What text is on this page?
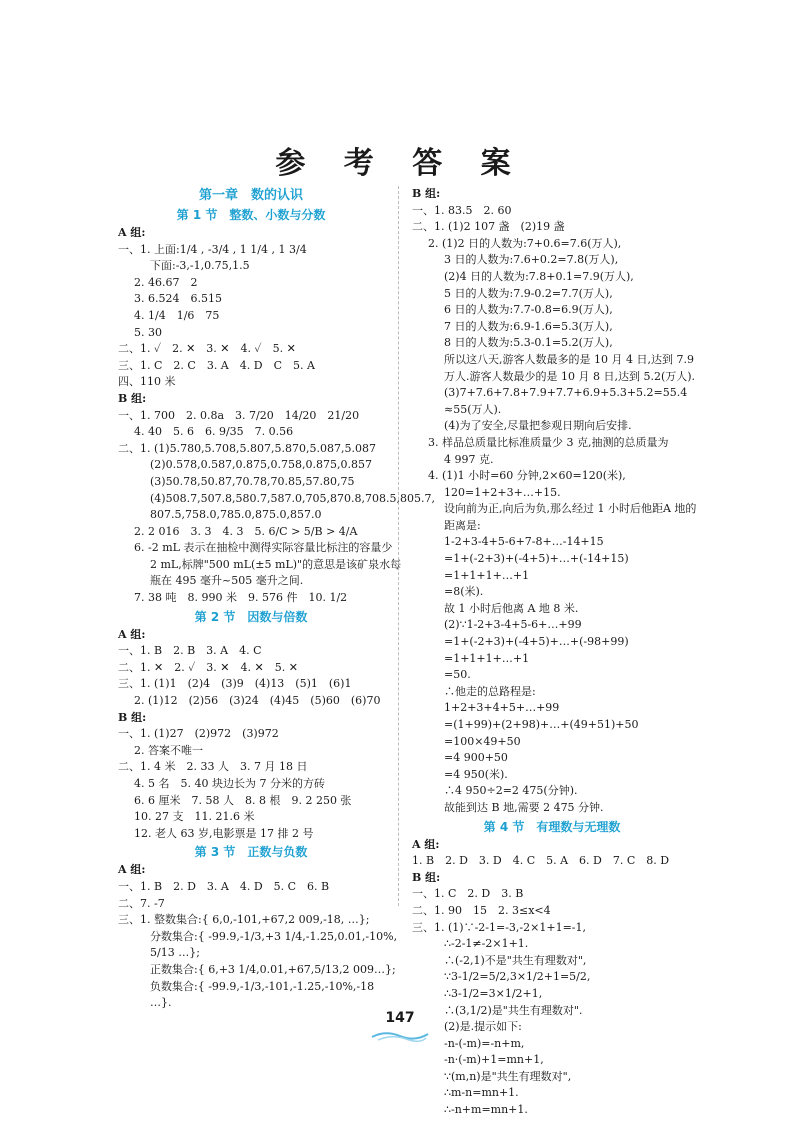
参 考 答 案
第一章　数的认识
第 1 节　整数、小数与分数
A 组:
一、1. 上面:1/4 , -3/4 , 1 1/4 , 1 3/4
下面:-3,-1,0.75,1.5
2. 46.67　2
3. 6.524　6.515
4. 1/4　1/6　75
5. 30
二、1. ✓　2. ✕　3. ✕　4. ✓　5. ✕
三、1. C　2. C　3. A　4. D　C　5. A
四、110 米
B 组:
一、1. 700　2. 0.8a　3. 7/20　14/20　21/20
4. 40　5. 6　6. 9/35　7. 0.56
二、1. (1)5.780,5.708,5.807,5.870,5.087,5.087
(2)0.578,0.587,0.875,0.758,0.875,0.857
(3)50.78,50.87,70.78,70.85,57.80,75
(4)508.7,507.8,580.7,587.0,705,870.8,708.5,805.7,
807.5,758.0,785.0,875.0,857.0
2. 2 016　3. 3　4. 3　5. 6/C > 5/B > 4/A
6. -2 mL 表示在抽检中测得实际容量比标注的容量少
2 mL,标牌"500 mL(±5 mL)"的意思是该矿泉水每
瓶在 495 毫升~505 毫升之间.
7. 38 吨　8. 990 米　9. 576 件　10. 1/2
第 2 节　因数与倍数
A 组:
一、1. B　2. B　3. A　4. C
二、1. ✕　2. ✓　3. ✕　4. ✕　5. ✕
三、1. (1)1　(2)4　(3)9　(4)13　(5)1　(6)1
2. (1)12　(2)56　(3)24　(4)45　(5)60　(6)70
B 组:
一、1. (1)27　(2)972　(3)972
2. 答案不唯一
二、1. 4 米　2. 33 人　3. 7 月 18 日
4. 5 名　5. 40 块边长为 7 分米的方砖
6. 6 厘米　7. 58 人　8. 8 根　9. 2 250 张
10. 27 支　11. 21.6 米
12. 老人 63 岁,电影票是 17 排 2 号
第 3 节　正数与负数
A 组:
一、1. B　2. D　3. A　4. D　5. C　6. B
二、7. -7
三、1. 整数集合:{ 6,0,-101,+67,2 009,-18, …};
分数集合:{ -99.9,-1/3,+3 1/4,-1.25,0.01,-10%,
5/13 …};
正数集合:{ 6,+3 1/4,0.01,+67,5/13,2 009…};
负数集合:{ -99.9,-1/3,-101,-1.25,-10%,-18
…}.
B 组:
一、1. 83.5　2. 60
二、1. (1)2 107 盏　(2)19 盏
2. (1)2 日的人数为:7+0.6=7.6(万人),
3 日的人数为:7.6+0.2=7.8(万人),
(2)4 日的人数为:7.8+0.1=7.9(万人),
5 日的人数为:7.9-0.2=7.7(万人),
6 日的人数为:7.7-0.8=6.9(万人),
7 日的人数为:6.9-1.6=5.3(万人),
8 日的人数为:5.3-0.1=5.2(万人),
所以这八天,游客人数最多的是 10 月 4 日,达到 7.9
万人.游客人数最少的是 10 月 8 日,达到 5.2(万人).
(3)7+7.6+7.8+7.9+7.7+6.9+5.3+5.2=55.4
≈55(万人).
(4)为了安全,尽量把参观日期向后安排.
3. 样品总质量比标准质量少 3 克,抽测的总质量为
4 997 克.
4. (1)1 小时=60 分钟,2×60=120(米),
120=1+2+3+…+15.
设向前为正,向后为负,那么经过 1 小时后他距A 地的
距离是:
1-2+3-4+5-6+7-8+…-14+15
=1+(-2+3)+(-4+5)+…+(-14+15)
=1+1+1+…+1
=8(米).
故 1 小时后他离 A 地 8 米.
(2)∵1-2+3-4+5-6+…+99
=1+(-2+3)+(-4+5)+…+(-98+99)
=1+1+1+…+1
=50.
∴他走的总路程是:
1+2+3+4+5+…+99
=(1+99)+(2+98)+…+(49+51)+50
=100×49+50
=4 900+50
=4 950(米).
∴4 950÷2=2 475(分钟).
故能到达 B 地,需要 2 475 分钟.
第 4 节　有理数与无理数
A 组:
1. B　2. D　3. D　4. C　5. A　6. D　7. C　8. D
B 组:
一、1. C　2. D　3. B
二、1. 90　15　2. 3≤x<4
三、1. (1)∵-2-1=-3,-2×1+1=-1,
∴-2-1≠-2×1+1.
∴(-2,1)不是"共生有理数对",
∵3-1/2=5/2,3×1/2+1=5/2,
∴3-1/2=3×1/2+1,
∴(3,1/2)是"共生有理数对".
(2)是.提示如下:
-n-(-m)=-n+m,
-n·(-m)+1=mn+1,
∵(m,n)是"共生有理数对",
∴m-n=mn+1.
∴-n+m=mn+1.
147
